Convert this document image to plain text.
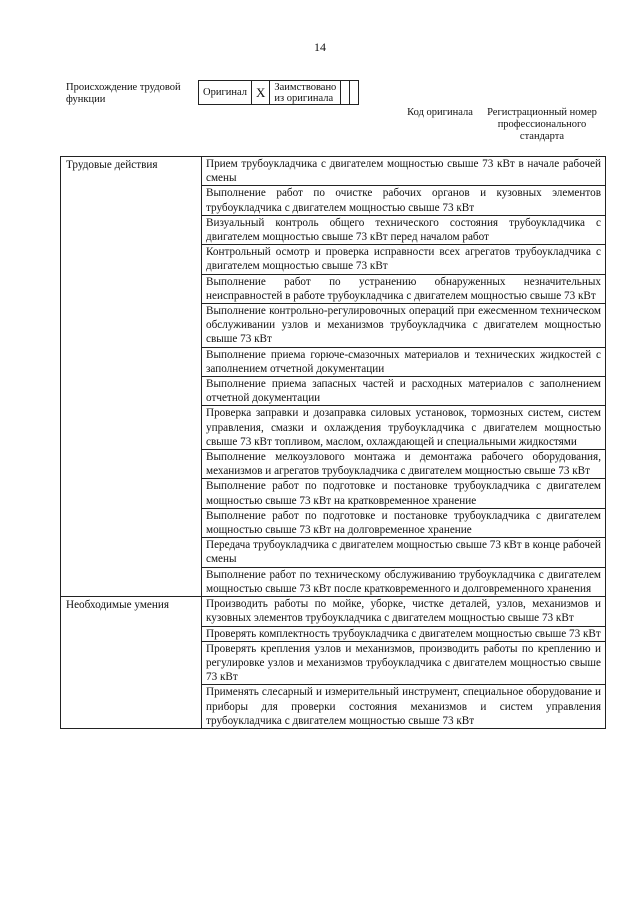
14
Происхождение трудовой функции
Оригинал	X	Заимствовано из оригинала		
Код оригинала	Регистрационный номер профессионального стандарта
Трудовые действия	Прием трубоукладчика с двигателем мощностью свыше 73 кВт в начале рабочей смены
	Выполнение работ по очистке рабочих органов и кузовных элементов трубоукладчика с двигателем мощностью свыше 73 кВт
	Визуальный контроль общего технического состояния трубоукладчика с двигателем мощностью свыше 73 кВт перед началом работ
	Контрольный осмотр и проверка исправности всех агрегатов трубоукладчика с двигателем мощностью свыше 73 кВт
	Выполнение работ по устранению обнаруженных незначительных неисправностей в работе трубоукладчика с двигателем мощностью свыше 73 кВт
	Выполнение контрольно-регулировочных операций при ежесменном техническом обслуживании узлов и механизмов трубоукладчика с двигателем мощностью свыше 73 кВт
	Выполнение приема горюче-смазочных материалов и технических жидкостей с заполнением отчетной документации
	Выполнение приема запасных частей и расходных материалов с заполнением отчетной документации
	Проверка заправки и дозаправка силовых установок, тормозных систем, систем управления, смазки и охлаждения трубоукладчика с двигателем мощностью свыше 73 кВт топливом, маслом, охлаждающей и специальными жидкостями
	Выполнение мелкоузлового монтажа и демонтажа рабочего оборудования, механизмов и агрегатов трубоукладчика с двигателем мощностью свыше 73 кВт
	Выполнение работ по подготовке и постановке трубоукладчика с двигателем мощностью свыше 73 кВт на кратковременное хранение
	Выполнение работ по подготовке и постановке трубоукладчика с двигателем мощностью свыше 73 кВт на долговременное хранение
	Передача трубоукладчика с двигателем мощностью свыше 73 кВт в конце рабочей смены
	Выполнение работ по техническому обслуживанию трубоукладчика с двигателем мощностью свыше 73 кВт после кратковременного и долговременного хранения
Необходимые умения	Производить работы по мойке, уборке, чистке деталей, узлов, механизмов и кузовных элементов трубоукладчика с двигателем мощностью свыше 73 кВт
	Проверять комплектность трубоукладчика с двигателем мощностью свыше 73 кВт
	Проверять крепления узлов и механизмов, производить работы по креплению и регулировке узлов и механизмов трубоукладчика с двигателем мощностью свыше 73 кВт
	Применять слесарный и измерительный инструмент, специальное оборудование и приборы для проверки состояния механизмов и систем управления трубоукладчика с двигателем мощностью свыше 73 кВт
